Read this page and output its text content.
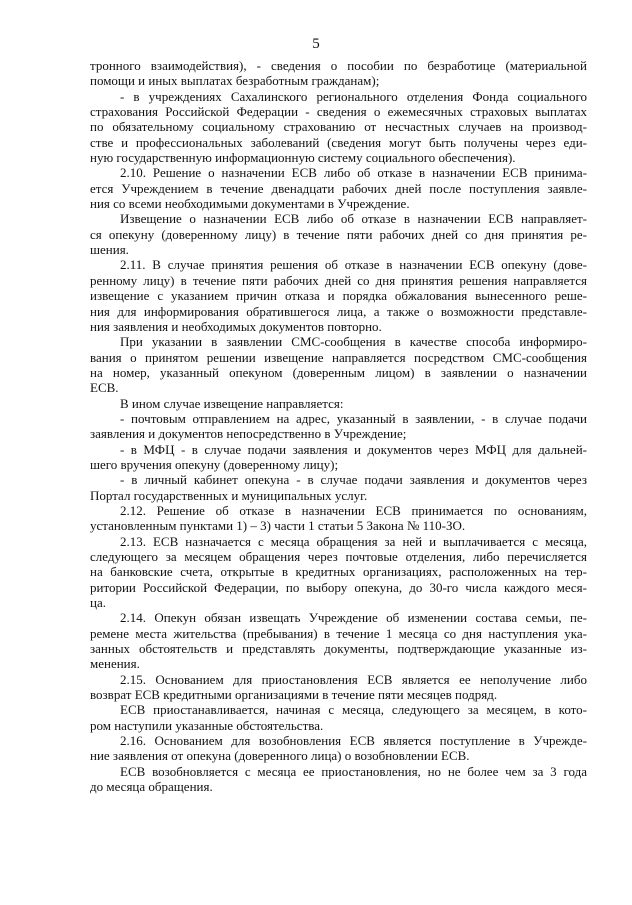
5
тронного взаимодействия), - сведения о пособии по безработице (материальной
помощи и иных выплатах безработным гражданам);
- в учреждениях Сахалинского регионального отделения Фонда социального
страхования Российской Федерации - сведения о ежемесячных страховых выплатах
по обязательному социальному страхованию от несчастных случаев на производ-
стве и профессиональных заболеваний (сведения могут быть получены через еди-
ную государственную информационную систему социального обеспечения).
2.10. Решение о назначении ЕСВ либо об отказе в назначении ЕСВ принима-
ется Учреждением в течение двенадцати рабочих дней после поступления заявле-
ния со всеми необходимыми документами в Учреждение.
Извещение о назначении ЕСВ либо об отказе в назначении ЕСВ направляет-
ся опекуну (доверенному лицу) в течение пяти рабочих дней со дня принятия ре-
шения.
2.11. В случае принятия решения об отказе в назначении ЕСВ опекуну (дове-
ренному лицу) в течение пяти рабочих дней со дня принятия решения направляется
извещение с указанием причин отказа и порядка обжалования вынесенного реше-
ния для информирования обратившегося лица, а также о возможности представле-
ния заявления и необходимых документов повторно.
При указании в заявлении СМС-сообщения в качестве способа информиро-
вания о принятом решении извещение направляется посредством СМС-сообщения
на номер, указанный опекуном (доверенным лицом) в заявлении о назначении
ЕСВ.
В ином случае извещение направляется:
- почтовым отправлением на адрес, указанный в заявлении, - в случае подачи
заявления и документов непосредственно в Учреждение;
- в МФЦ - в случае подачи заявления и документов через МФЦ для дальней-
шего вручения опекуну (доверенному лицу);
- в личный кабинет опекуна - в случае подачи заявления и документов через
Портал государственных и муниципальных услуг.
2.12. Решение об отказе в назначении ЕСВ принимается по основаниям,
установленным пунктами 1) – 3) части 1 статьи 5 Закона № 110-ЗО.
2.13. ЕСВ назначается с месяца обращения за ней и выплачивается с месяца,
следующего за месяцем обращения через почтовые отделения, либо перечисляется
на банковские счета, открытые в кредитных организациях, расположенных на тер-
ритории Российской Федерации, по выбору опекуна, до 30-го числа каждого меся-
ца.
2.14. Опекун обязан извещать Учреждение об изменении состава семьи, пе-
ремене места жительства (пребывания) в течение 1 месяца со дня наступления ука-
занных обстоятельств и представлять документы, подтверждающие указанные из-
менения.
2.15. Основанием для приостановления ЕСВ является ее неполучение либо
возврат ЕСВ кредитными организациями в течение пяти месяцев подряд.
ЕСВ приостанавливается, начиная с месяца, следующего за месяцем, в кото-
ром наступили указанные обстоятельства.
2.16. Основанием для возобновления ЕСВ является поступление в Учрежде-
ние заявления от опекуна (доверенного лица) о возобновлении ЕСВ.
ЕСВ возобновляется с месяца ее приостановления, но не более чем за 3 года
до месяца обращения.
